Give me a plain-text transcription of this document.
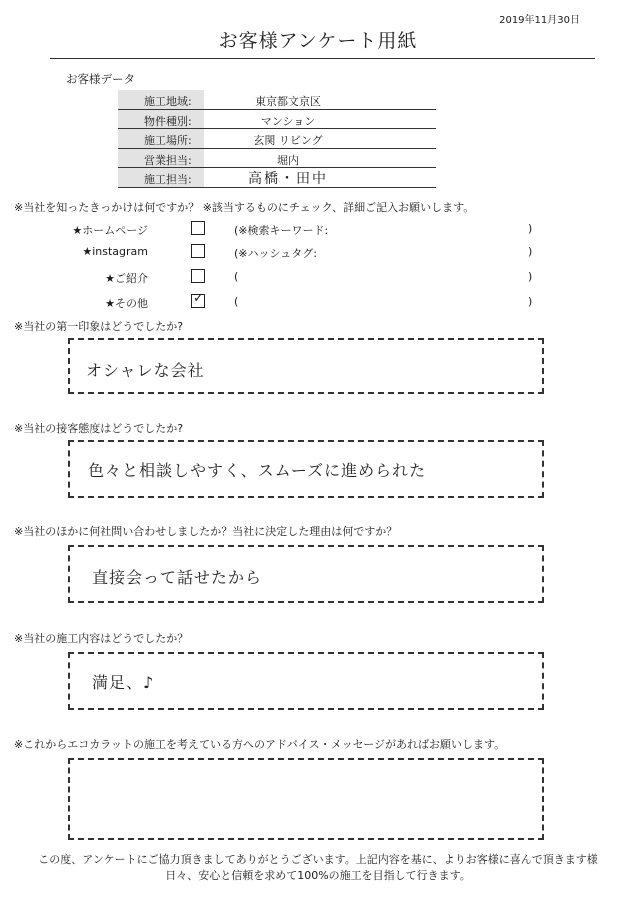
2019年11月30日
お客様アンケート用紙
お客様データ
施工地域:	東京都文京区
物件種別:	マンション
施工場所:	玄関 リビング
営業担当:	堀内
施工担当:	高橋・田中
※当社を知ったきっかけは何ですか？ ※該当するものにチェック、詳細ご記入お願いします。
★ホームページ	(※検索キーワード:	)
★instagram	(※ハッシュタグ:	)
★ご紹介	(	)
★その他	✓	(	)
※当社の第一印象はどうでしたか?
オシャレな会社
※当社の接客態度はどうでしたか?
色々と相談しやすく、スムーズに進められた
※当社のほかに何社問い合わせしましたか？当社に決定した理由は何ですか？
直接会って話せたから
※当社の施工内容はどうでしたか？
満足、♪
※これからエコカラットの施工を考えている方へのアドバイス・メッセージがあればお願いします。
この度、アンケートにご協力頂きましてありがとうございます。上記内容を基に、よりお客様に喜んで頂きます様
日々、安心と信頼を求めて100%の施工を目指して行きます。
